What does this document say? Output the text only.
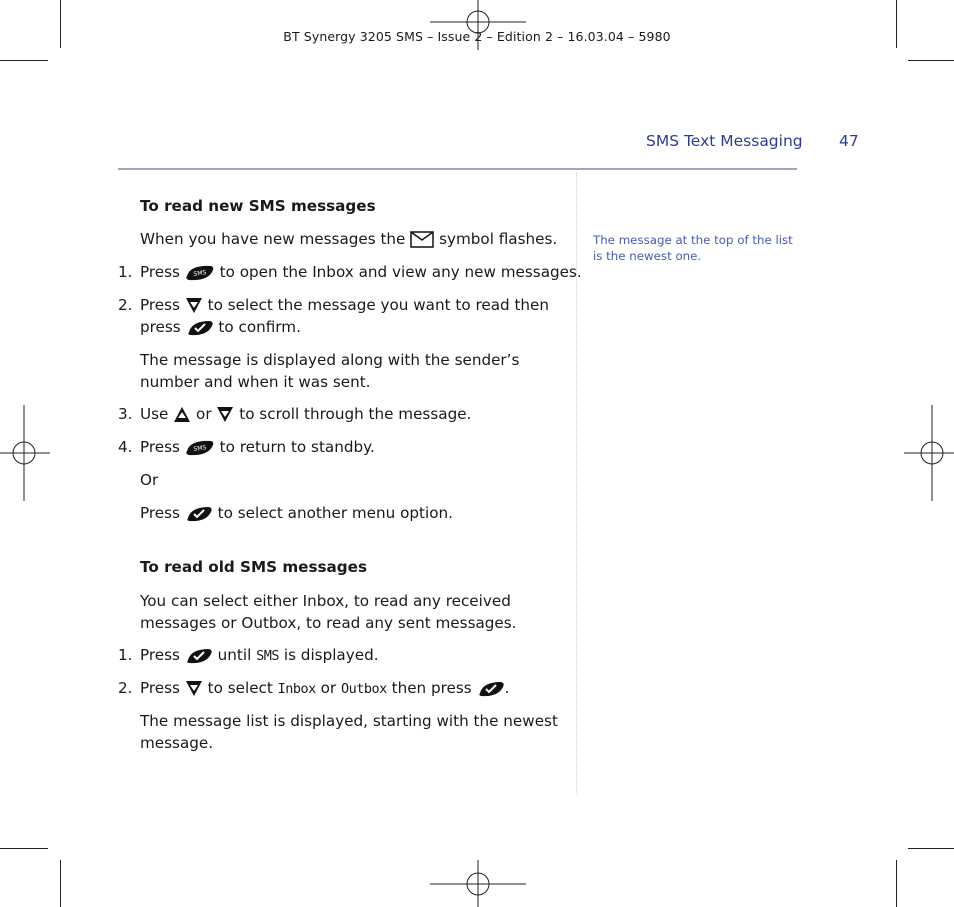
BT Synergy 3205 SMS – Issue 2 – Edition 2 – 16.03.04 – 5980
SMS Text Messaging 47
The message at the top of the list is the newest one.
To read new SMS messages
When you have new messages the symbol flashes.
1. Press SMS to open the Inbox and view any new messages.
2. Press to select the message you want to read then
press to confirm.
The message is displayed along with the sender’s
number and when it was sent.
3. Use or to scroll through the message.
4. Press SMS to return to standby.
Or
Press to select another menu option.
To read old SMS messages
You can select either Inbox, to read any received
messages or Outbox, to read any sent messages.
1. Press until SMS is displayed.
2. Press to select Inbox or Outbox then press .
The message list is displayed, starting with the newest
message.
